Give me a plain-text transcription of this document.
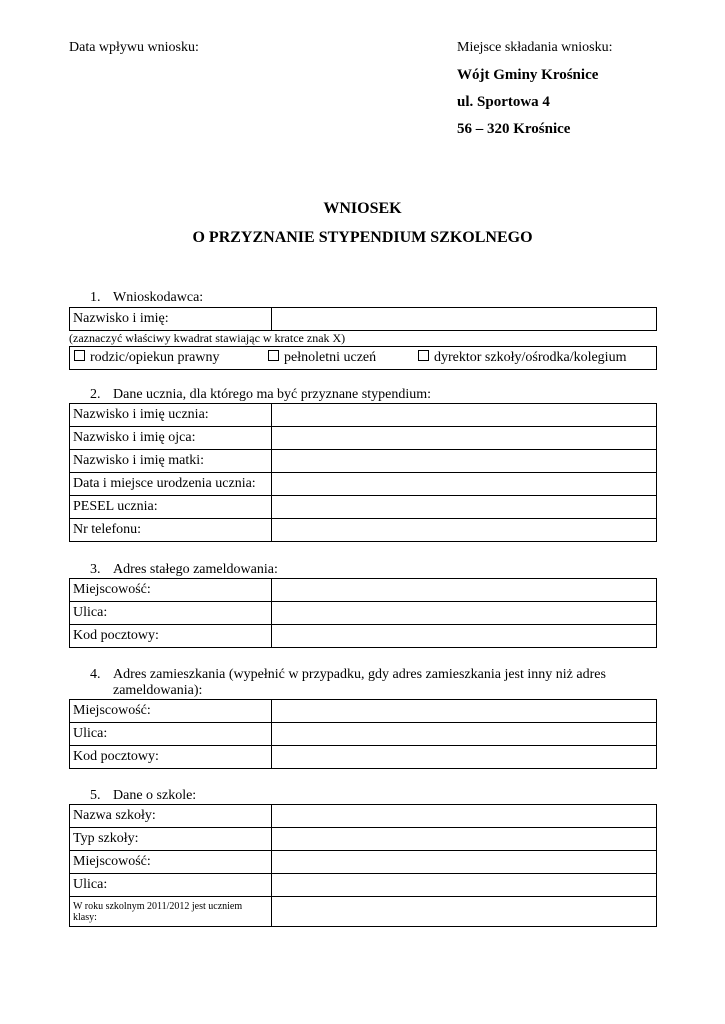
Data wpływu wniosku:	Miejsce składania wniosku:
Wójt Gminy Krośnice
ul. Sportowa 4
56 – 320 Krośnice
WNIOSEK
O PRZYZNANIE STYPENDIUM SZKOLNEGO
1. Wnioskodawca:
Nazwisko i imię:	
(zaznaczyć właściwy kwadrat stawiając w kratce znak X)
rodzic/opiekun prawny	pełnoletni uczeń	dyrektor szkoły/ośrodka/kolegium
2. Dane ucznia, dla którego ma być przyznane stypendium:
Nazwisko i imię ucznia:	
Nazwisko i imię ojca:	
Nazwisko i imię matki:	
Data i miejsce urodzenia ucznia:	
PESEL ucznia:	
Nr telefonu:	
3. Adres stałego zameldowania:
Miejscowość:	
Ulica:	
Kod pocztowy:	
4. Adres zamieszkania (wypełnić w przypadku, gdy adres zamieszkania jest inny niż adres
zameldowania):
Miejscowość:	
Ulica:	
Kod pocztowy:	
5. Dane o szkole:
Nazwa szkoły:	
Typ szkoły:	
Miejscowość:	
Ulica:	
W roku szkolnym 2011/2012 jest uczniem klasy:	
